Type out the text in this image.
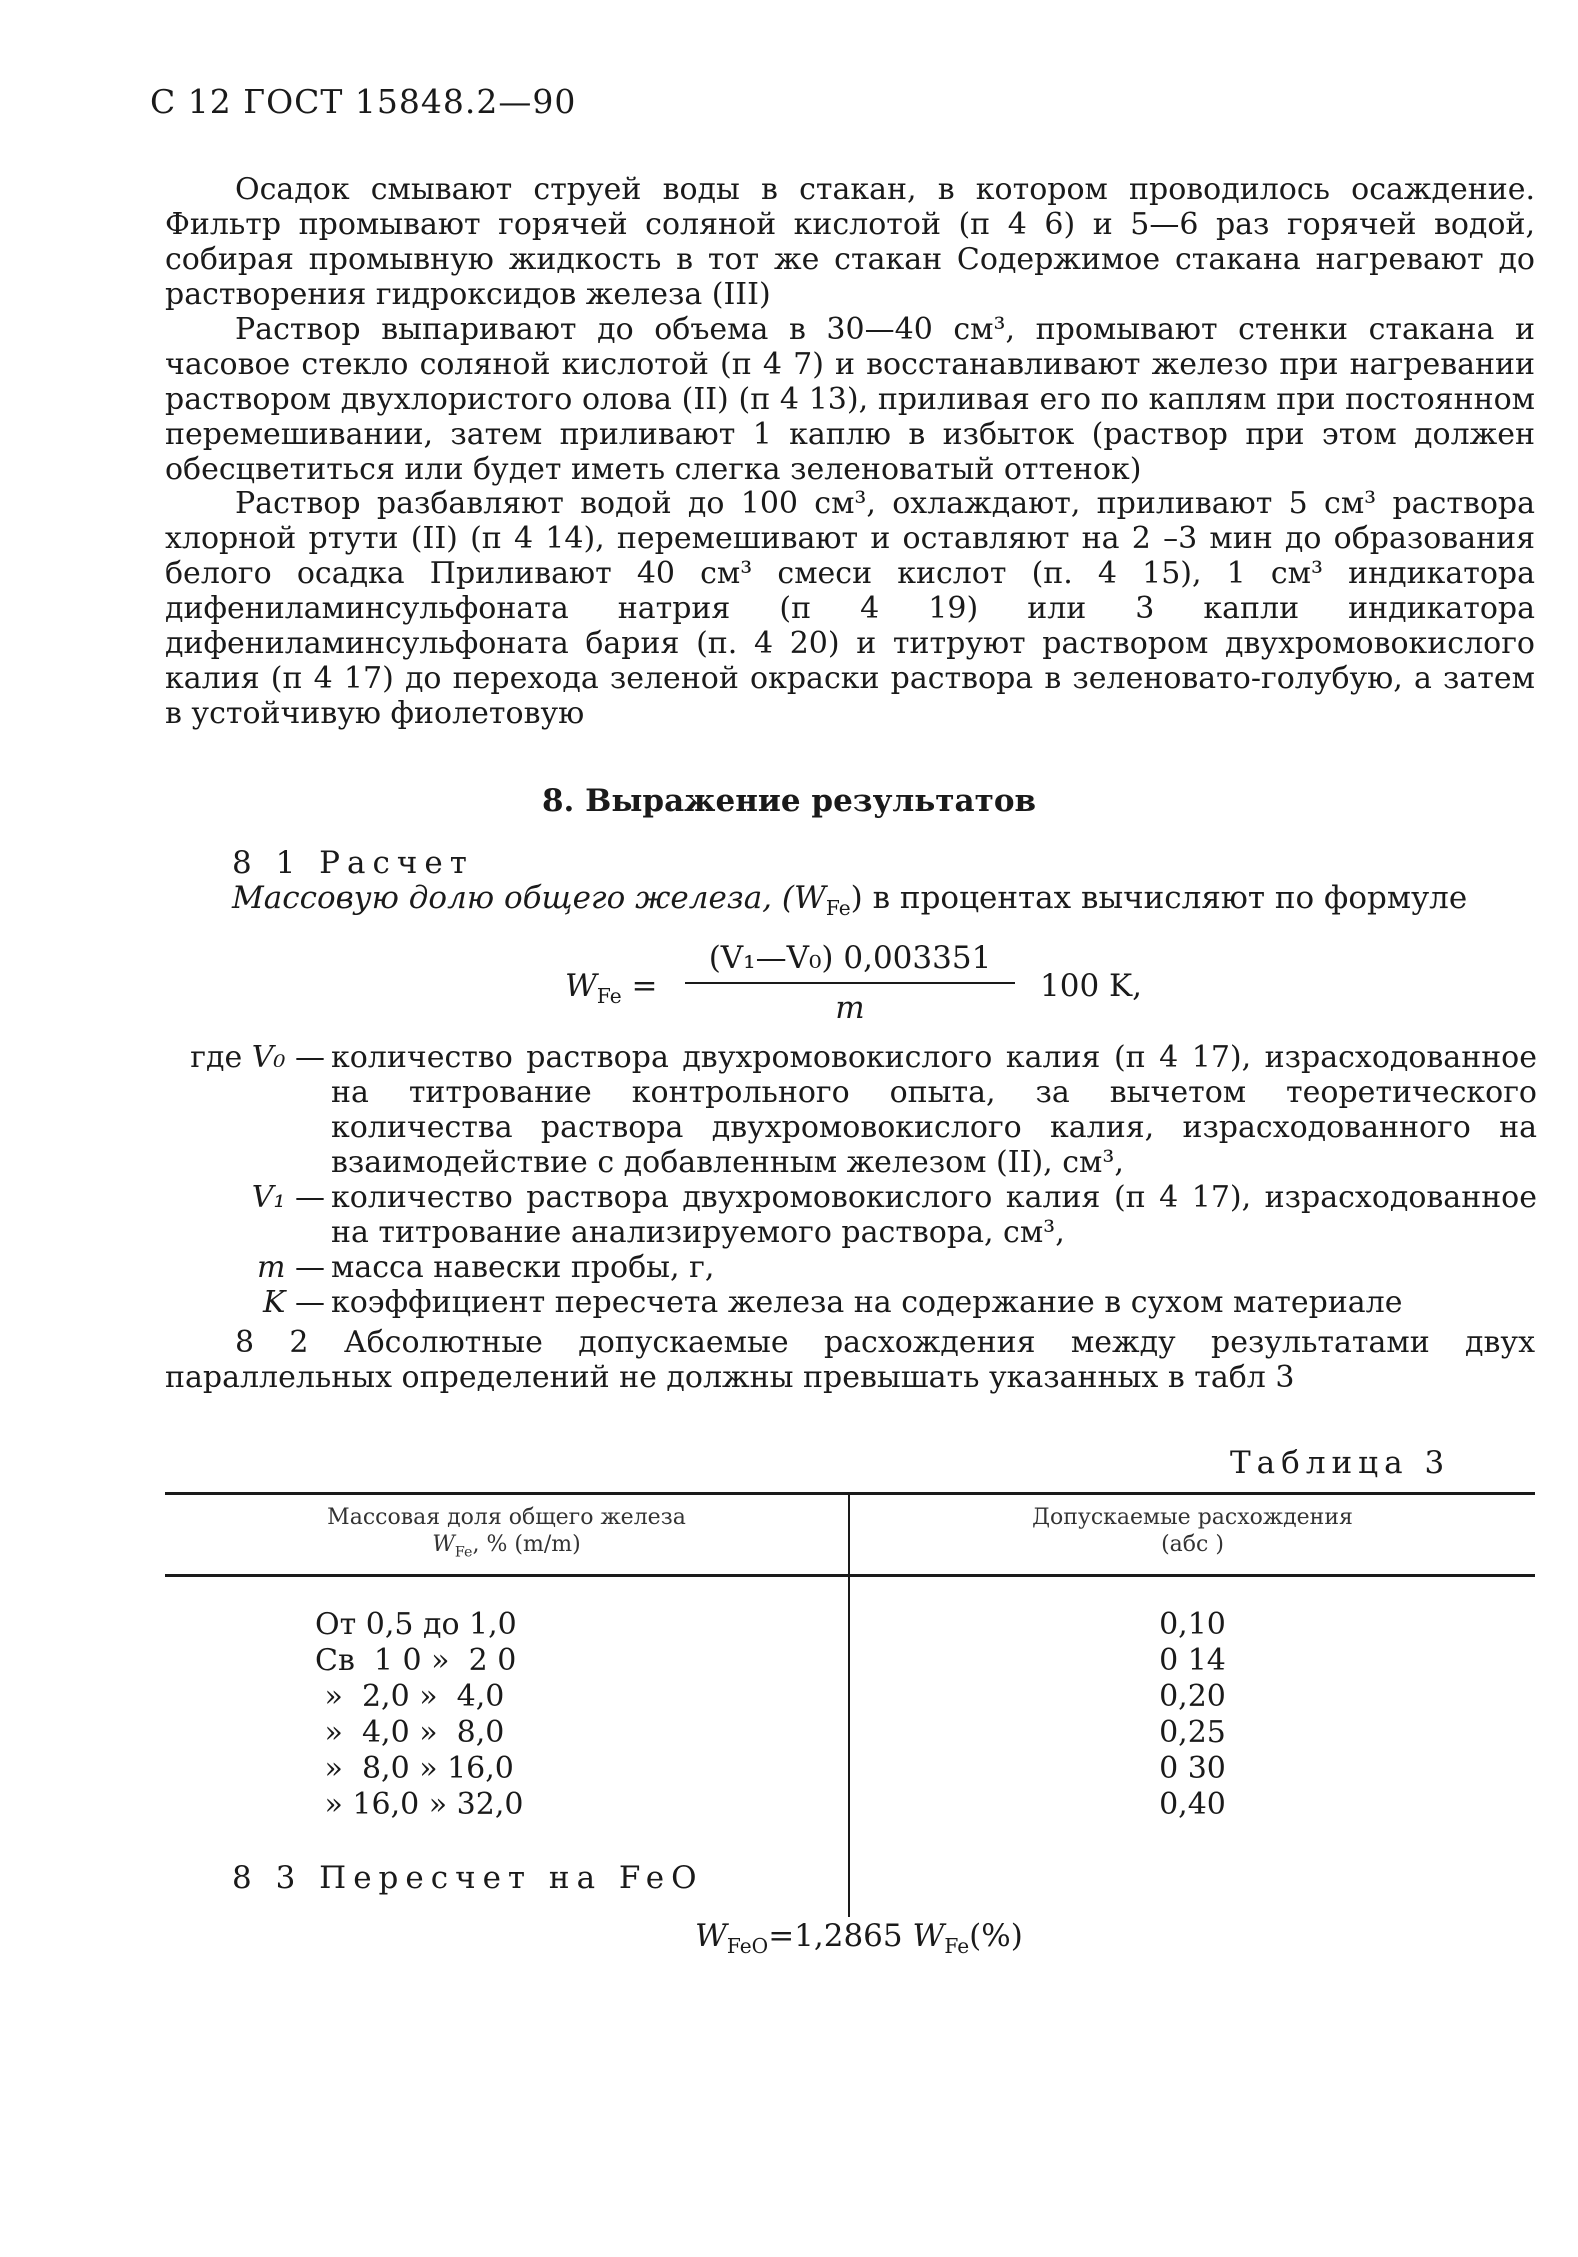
С 12 ГОСТ 15848.2—90
Осадок смывают струей воды в стакан, в котором проводилось осаждение. Фильтр промывают горячей соляной кислотой (п 4 6) и 5—6 раз горячей водой, собирая промывную жидкость в тот же стакан Содержимое стакана нагревают до растворения гидроксидов железа (III)
Раствор выпаривают до объема в 30—40 см³, промывают стенки стакана и часовое стекло соляной кислотой (п 4 7) и восстанавливают железо при нагревании раствором двухлористого олова (II) (п 4 13), приливая его по каплям при постоянном перемешивании, затем приливают 1 каплю в избыток (раствор при этом должен обесцветиться или будет иметь слегка зеленоватый оттенок)
Раствор разбавляют водой до 100 см³, охлаждают, приливают 5 см³ раствора хлорной ртути (II) (п 4 14), перемешивают и оставляют на 2 –3 мин до образования белого осадка Приливают 40 см³ смеси кислот (п. 4 15), 1 см³ индикатора дифениламинсульфоната натрия (п 4 19) или 3 капли индикатора дифениламинсульфоната бария (п. 4 20) и титруют раствором двухромовокислого калия (п 4 17) до перехода зеленой окраски раствора в зеленовато-голубую, а затем в устойчивую фиолетовую
8. Выражение результатов
8 1 Расчет
Массовую долю общего железа, $(W_{Fe})$ в процентах вычисляют по формуле
$W_{Fe} = \frac{\text{(V₁—V₀) 0,003351}}{m} 100$ K,
где V₀ — количество раствора двухромовокислого калия (п 4 17), израсходованное на титрование контрольного опыта, за вычетом теоретического количества раствора двухромовокислого калия, израсходованного на взаимодействие с добавленным железом (II), см³,
V₁ — количество раствора двухромовокислого калия (п 4 17), израсходованное на титрование анализируемого раствора, см³,
m — масса навески пробы, г,
K — коэффициент пересчета железа на содержание в сухом материале
8 2 Абсолютные допускаемые расхождения между результатами двух параллельных определений не должны превышать указанных в табл 3
Таблица 3
Массовая доля общего железа
$W_{Fe}$, % (m/m)
Допускаемые расхождения
(абс )
От 0,5 до 1,0
Св  1 0 »  2 0
»  2,0 »  4,0
»  4,0 »  8,0
»  8,0 » 16,0
» 16,0 » 32,0
0,10
0 14
0,20
0,25
0 30
0,40
8 3 Пересчет на FeO
$W_{FeO}=1,2865$ $W_{Fe}(\%)$
